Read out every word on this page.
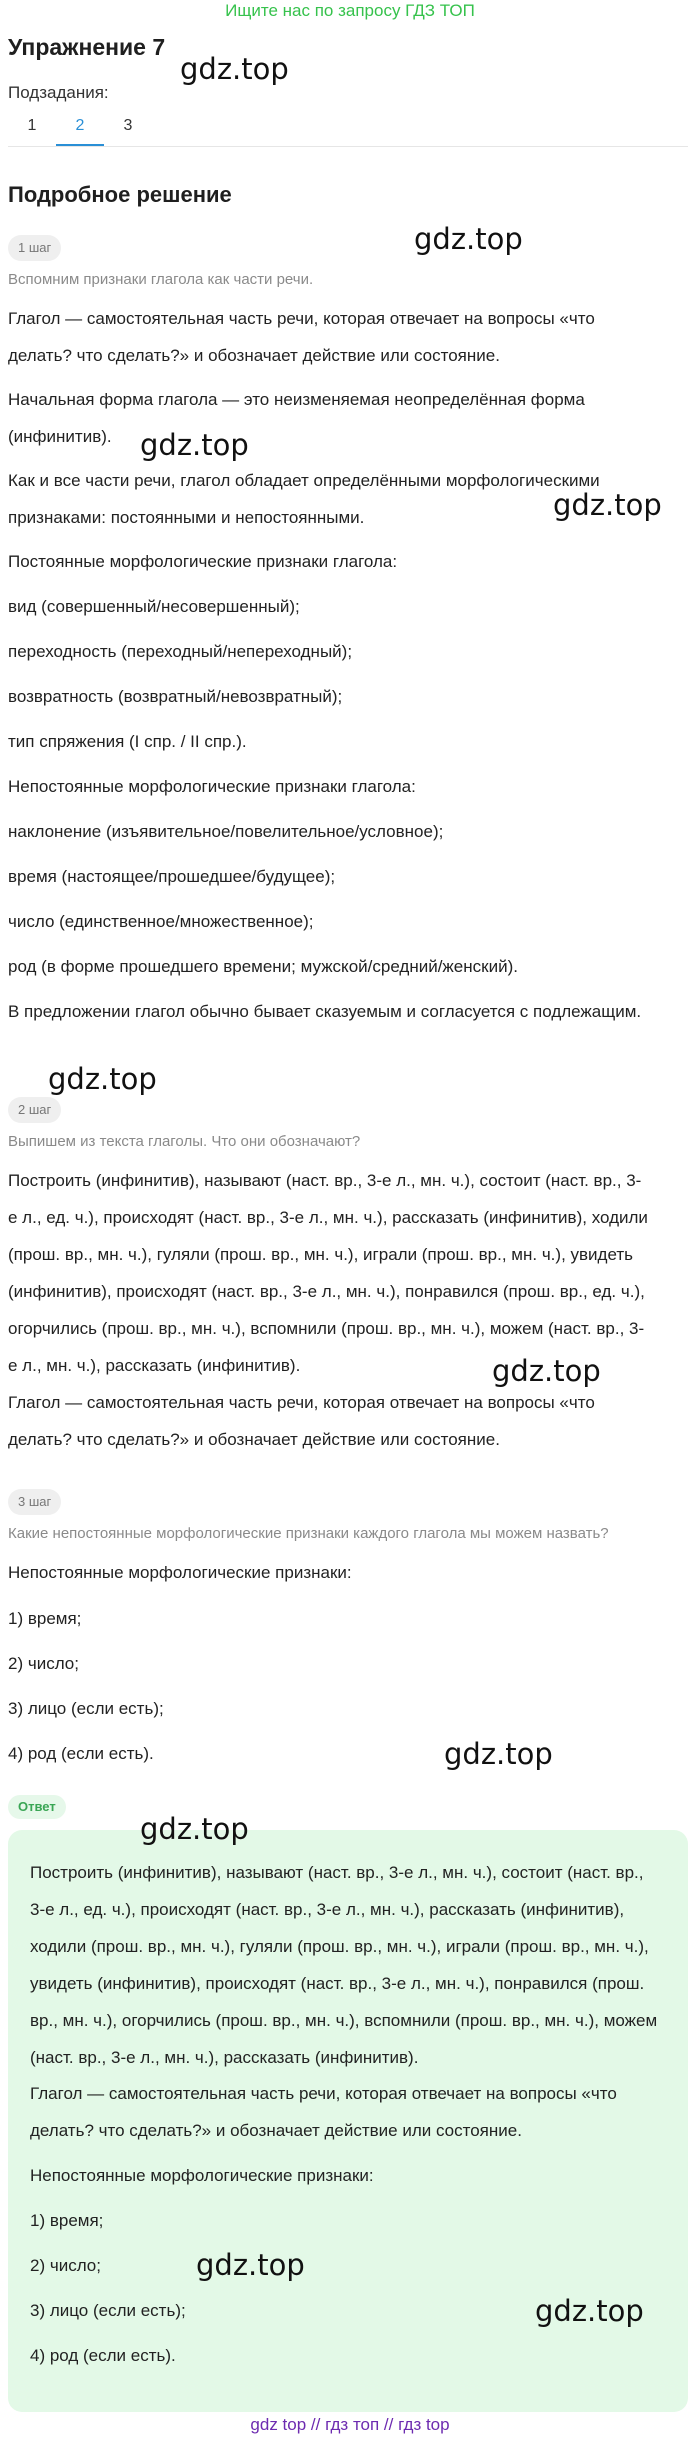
Ищите нас по запросу ГДЗ ТОП
Упражнение 7
gdz.top
Подзадания:
1	2	3
Подробное решение
1 шаг	gdz.top
Вспомним признаки глагола как части речи.
Глагол — самостоятельная часть речи, которая отвечает на вопросы «что делать? что сделать?» и обозначает действие или состояние.
Начальная форма глагола — это неизменяемая неопределённая форма (инфинитив). gdz.top
Как и все части речи, глагол обладает определёнными морфологическими признаками: постоянными и непостоянными.	gdz.top
Постоянные морфологические признаки глагола:
вид (совершенный/несовершенный);
переходность (переходный/непереходный);
возвратность (возвратный/невозвратный);
тип спряжения (I спр. / II спр.).
Непостоянные морфологические признаки глагола:
наклонение (изъявительное/повелительное/условное);
время (настоящее/прошедшее/будущее);
число (единственное/множественное);
род (в форме прошедшего времени; мужской/средний/женский).
В предложении глагол обычно бывает сказуемым и согласуется с подлежащим.
gdz.top
2 шаг
Выпишем из текста глаголы. Что они обозначают?
Построить (инфинитив), называют (наст. вр., 3-е л., мн. ч.), состоит (наст. вр., 3-е л., ед. ч.), происходят (наст. вр., 3-е л., мн. ч.), рассказать (инфинитив), ходили (прош. вр., мн. ч.), гуляли (прош. вр., мн. ч.), играли (прош. вр., мн. ч.), увидеть (инфинитив), происходят (наст. вр., 3-е л., мн. ч.), понравился (прош. вр., ед. ч.), огорчились (прош. вр., мн. ч.), вспомнили (прош. вр., мн. ч.), можем (наст. вр., 3-е л., мн. ч.), рассказать (инфинитив).	gdz.top
Глагол — самостоятельная часть речи, которая отвечает на вопросы «что делать? что сделать?» и обозначает действие или состояние.
3 шаг
Какие непостоянные морфологические признаки каждого глагола мы можем назвать?
Непостоянные морфологические признаки:
1) время;
2) число;
3) лицо (если есть);
4) род (если есть).	gdz.top
Ответ
gdz.top
Построить (инфинитив), называют (наст. вр., 3-е л., мн. ч.), состоит (наст. вр., 3-е л., ед. ч.), происходят (наст. вр., 3-е л., мн. ч.), рассказать (инфинитив), ходили (прош. вр., мн. ч.), гуляли (прош. вр., мн. ч.), играли (прош. вр., мн. ч.), увидеть (инфинитив), происходят (наст. вр., 3-е л., мн. ч.), понравился (прош. вр., мн. ч.), огорчились (прош. вр., мн. ч.), вспомнили (прош. вр., мн. ч.), можем (наст. вр., 3-е л., мн. ч.), рассказать (инфинитив).
Глагол — самостоятельная часть речи, которая отвечает на вопросы «что делать? что сделать?» и обозначает действие или состояние.
Непостоянные морфологические признаки:
1) время;
2) число;	gdz.top
3) лицо (если есть);	gdz.top
4) род (если есть).
gdz top // гдз топ // гдз top
